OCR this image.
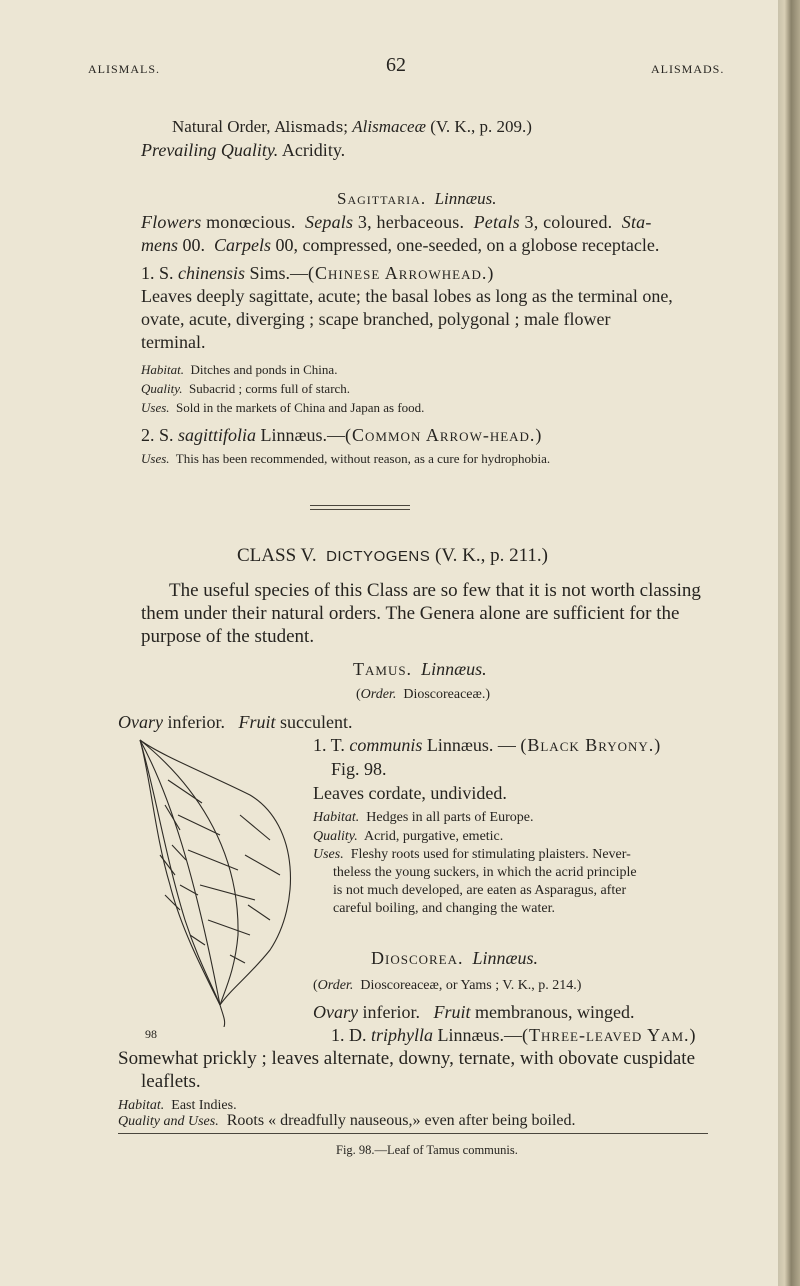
ALISMALS.	62	ALISMADS.
Natural Order, Alismads; Alismaceæ (V. K., p. 209.)
Prevailing Quality. Acridity.
Sagittaria. Linnæus.
Flowers monœcious. Sepals 3, herbaceous. Petals 3, coloured. Sta-
mens 00. Carpels 00, compressed, one-seeded, on a globose receptacle.
1. S. chinensis Sims.—(Chinese Arrowhead.)
Leaves deeply sagittate, acute; the basal lobes as long as the terminal one,
ovate, acute, diverging ; scape branched, polygonal ; male flower
terminal.
Habitat. Ditches and ponds in China.
Quality. Subacrid ; corms full of starch.
Uses. Sold in the markets of China and Japan as food.
2. S. sagittifolia Linnæus.—(Common Arrow-head.)
Uses. This has been recommended, without reason, as a cure for hydrophobia.
CLASS V. DICTYOGENS (V. K., p. 211.)
The useful species of this Class are so few that it is not worth classing
them under their natural orders. The Genera alone are sufficient for the
purpose of the student.
Tamus. Linnæus.
(Order. Dioscoreaceæ.)
Ovary inferior. Fruit succulent.
1. T. communis Linnæus. — (Black Bryony.)
Fig. 98.
Leaves cordate, undivided.
Habitat. Hedges in all parts of Europe.
Quality. Acrid, purgative, emetic.
Uses. Fleshy roots used for stimulating plaisters. Never-
theless the young suckers, in which the acrid principle
is not much developed, are eaten as Asparagus, after
careful boiling, and changing the water.
Dioscorea. Linnæus.
(Order. Dioscoreaceæ, or Yams ; V. K., p. 214.)
Ovary inferior. Fruit membranous, winged.
98	1. D. triphylla Linnæus.—(Three-leaved Yam.)
Somewhat prickly ; leaves alternate, downy, ternate, with obovate cuspidate
leaflets.
Habitat. East Indies.
Quality and Uses. Roots « dreadfully nauseous,» even after being boiled.
Fig. 98.—Leaf of Tamus communis.
